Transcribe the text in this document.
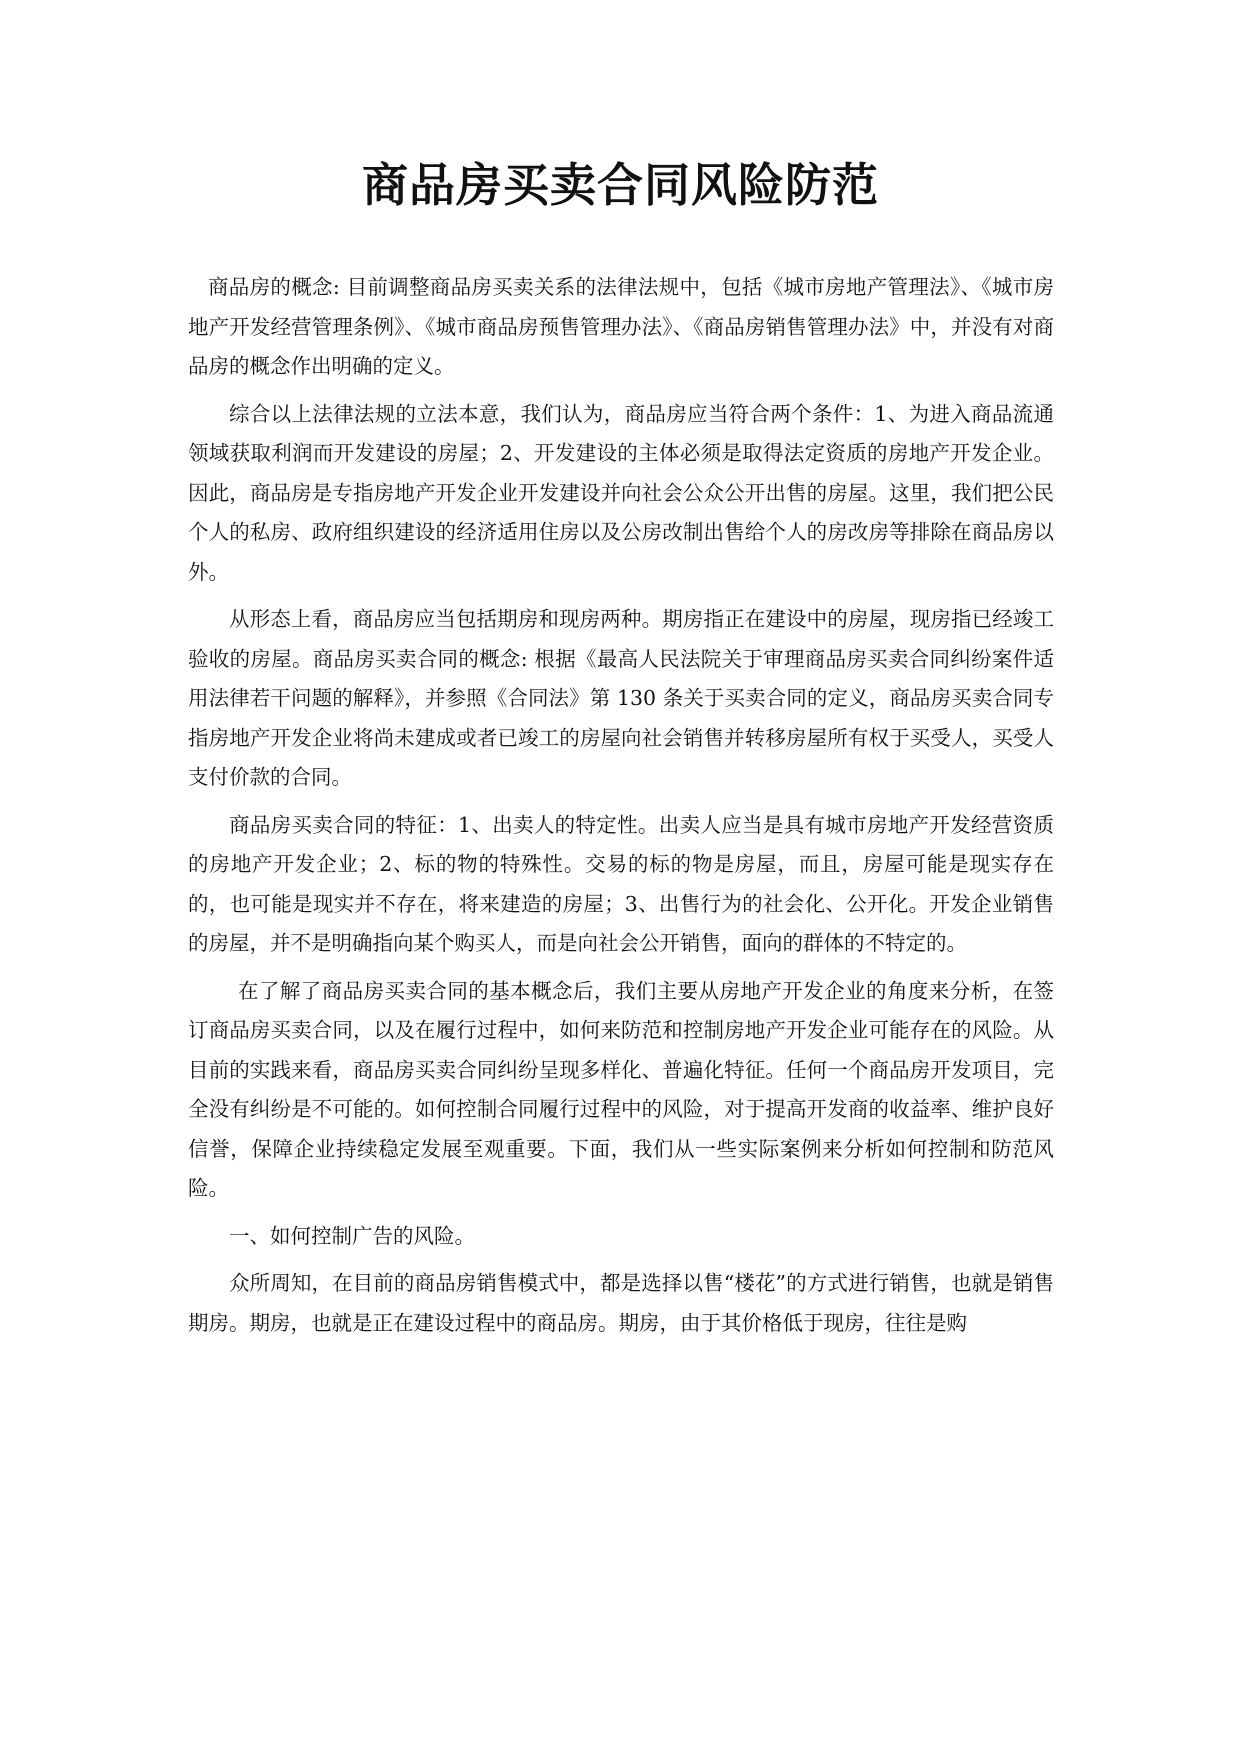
商品房买卖合同风险防范

商品房的概念: 目前调整商品房买卖关系的法律法规中，包括《城市房地产管理法》、《城市房地产开发经营管理条例》、《城市商品房预售管理办法》、《商品房销售管理办法》中，并没有对商品房的概念作出明确的定义。

综合以上法律法规的立法本意，我们认为，商品房应当符合两个条件：1、为进入商品流通领域获取利润而开发建设的房屋；2、开发建设的主体必须是取得法定资质的房地产开发企业。因此，商品房是专指房地产开发企业开发建设并向社会公众公开出售的房屋。这里，我们把公民个人的私房、政府组织建设的经济适用住房以及公房改制出售给个人的房改房等排除在商品房以外。

从形态上看，商品房应当包括期房和现房两种。期房指正在建设中的房屋，现房指已经竣工验收的房屋。商品房买卖合同的概念: 根据《最高人民法院关于审理商品房买卖合同纠纷案件适用法律若干问题的解释》，并参照《合同法》第 130 条关于买卖合同的定义，商品房买卖合同专指房地产开发企业将尚未建成或者已竣工的房屋向社会销售并转移房屋所有权于买受人，买受人支付价款的合同。

商品房买卖合同的特征：1、出卖人的特定性。出卖人应当是具有城市房地产开发经营资质的房地产开发企业；2、标的物的特殊性。交易的标的物是房屋，而且，房屋可能是现实存在的，也可能是现实并不存在，将来建造的房屋；3、出售行为的社会化、公开化。开发企业销售的房屋，并不是明确指向某个购买人，而是向社会公开销售，面向的群体的不特定的。

在了解了商品房买卖合同的基本概念后，我们主要从房地产开发企业的角度来分析，在签订商品房买卖合同，以及在履行过程中，如何来防范和控制房地产开发企业可能存在的风险。从目前的实践来看，商品房买卖合同纠纷呈现多样化、普遍化特征。任何一个商品房开发项目，完全没有纠纷是不可能的。如何控制合同履行过程中的风险，对于提高开发商的收益率、维护良好信誉，保障企业持续稳定发展至观重要。下面，我们从一些实际案例来分析如何控制和防范风险。

一、如何控制广告的风险。

众所周知，在目前的商品房销售模式中，都是选择以售“楼花”的方式进行销售，也就是销售期房。期房，也就是正在建设过程中的商品房。期房，由于其价格低于现房，往往是购
